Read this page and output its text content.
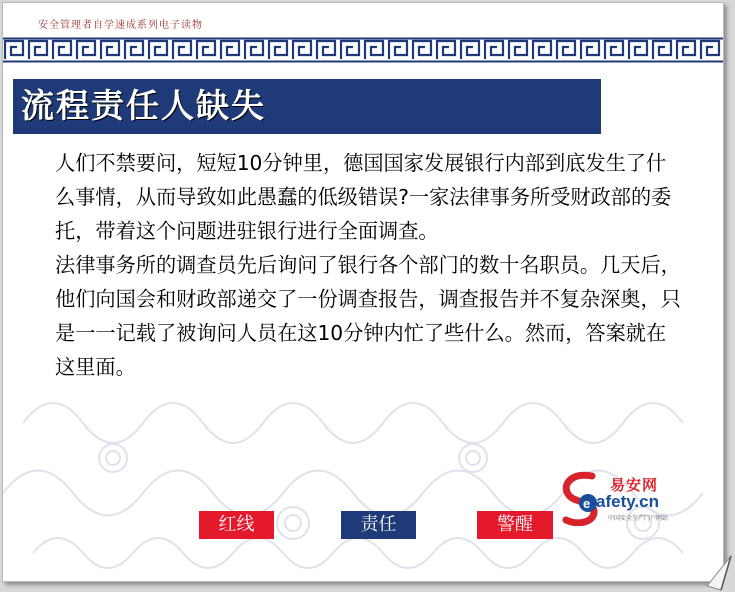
安全管理者自学速成系列电子读物
流程责任人缺失

人们不禁要问，短短10分钟里，德国国家发展银行内部到底发生了什么事情，从而导致如此愚蠢的低级错误?一家法律事务所受财政部的委托，带着这个问题进驻银行进行全面调查。

法律事务所的调查员先后询问了银行各个部门的数十名职员。几天后，他们向国会和财政部递交了一份调查报告，调查报告并不复杂深奥，只是一一记载了被询问人员在这10分钟内忙了些什么。然而，答案就在这里面。

红线	责任	警醒
e
易安网
afety.cn
中国安全生产门户网站
